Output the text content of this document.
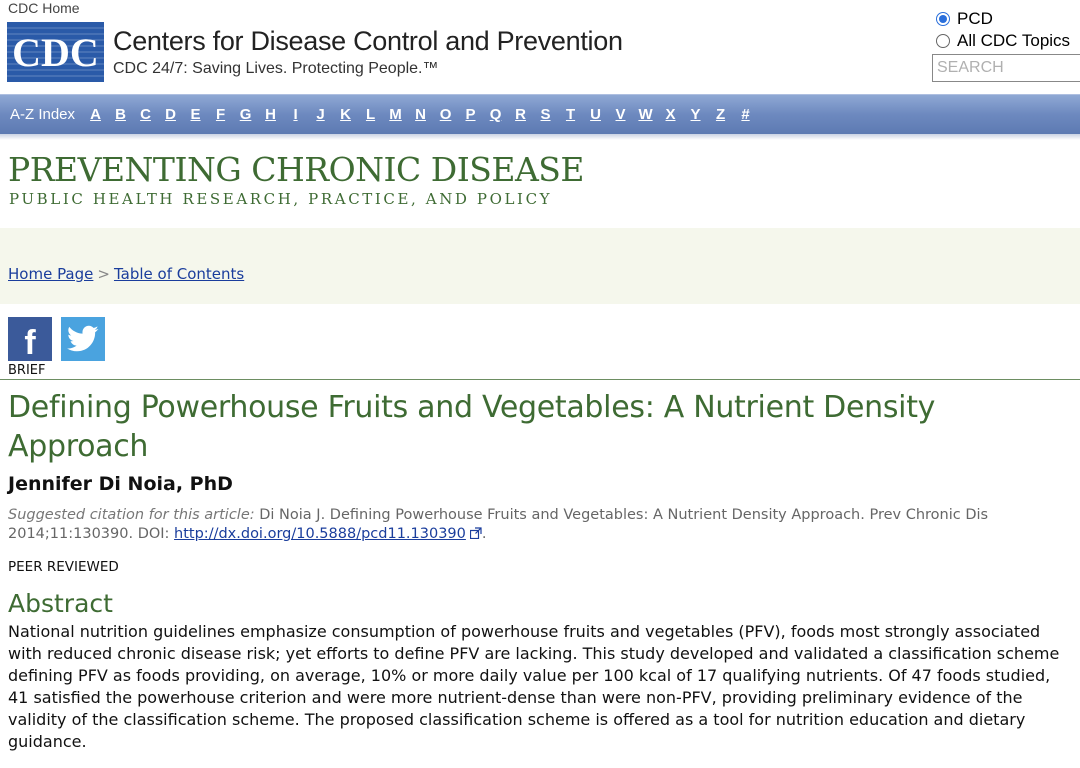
CDC Home
CDC Centers for Disease Control and Prevention
CDC 24/7: Saving Lives. Protecting People.™
PCD
All CDC Topics
SEARCH
A-Z Index	A B C D E	F G H	I	J	K L M N O P Q R S	T	U V W X Y	Z	#
PREVENTING CHRONIC DISEASE
PUBLIC HEALTH RESEARCH, PRACTICE, AND POLICY
Home Page > Table of Contents
f
BRIEF
Defining Powerhouse Fruits and Vegetables: A Nutrient Density Approach
Jennifer Di Noia, PhD
Suggested citation for this article: Di Noia J. Defining Powerhouse Fruits and Vegetables: A Nutrient Density Approach. Prev Chronic Dis 2014;11:130390. DOI: http://dx.doi.org/10.5888/pcd11.130390 .
PEER REVIEWED
Abstract

National nutrition guidelines emphasize consumption of powerhouse fruits and vegetables (PFV), foods most strongly associated with reduced chronic disease risk; yet efforts to define PFV are lacking. This study developed and validated a classification scheme defining PFV as foods providing, on average, 10% or more daily value per 100 kcal of 17 qualifying nutrients. Of 47 foods studied, 41 satisfied the powerhouse criterion and were more nutrient-dense than were non-PFV, providing preliminary evidence of the validity of the classification scheme. The proposed classification scheme is offered as a tool for nutrition education and dietary guidance.
